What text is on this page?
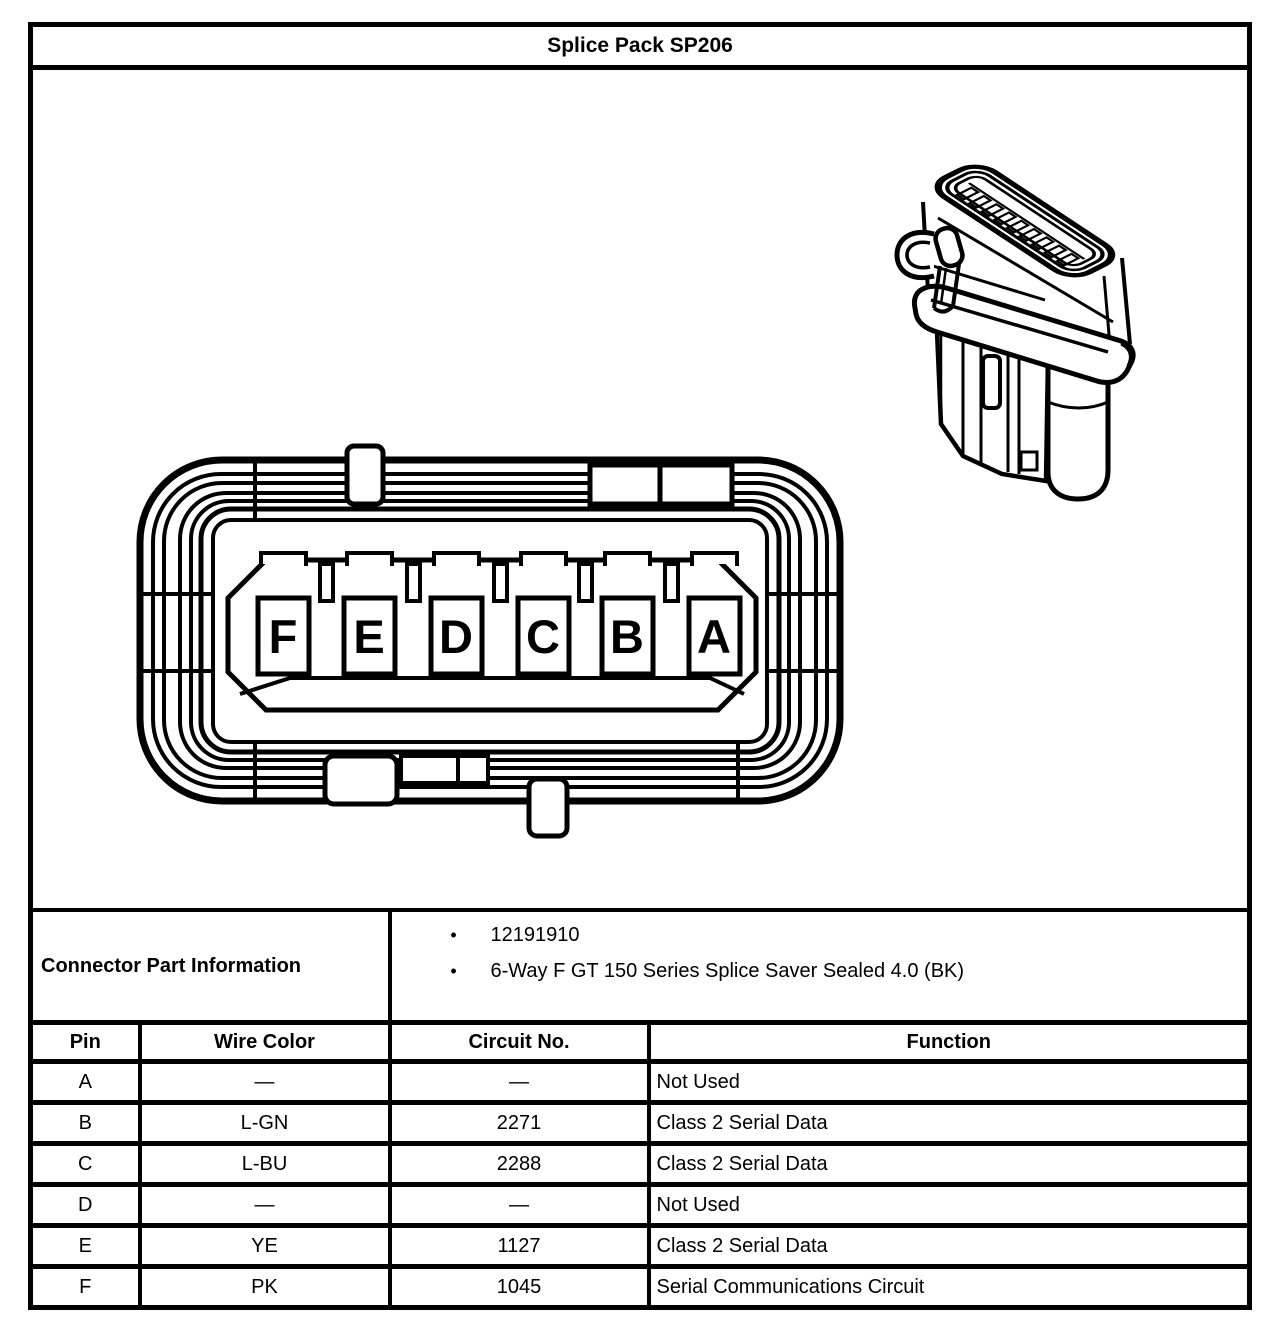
Splice Pack SP206			

F E D C B A

Connector Part Information	
• 12191910
• 6-Way F GT 150 Series Splice Saver Sealed 4.0 (BK)

Pin	Wire Color	Circuit No.	Function
A	—	—	Not Used
B	L-GN	2271	Class 2 Serial Data
C	L-BU	2288	Class 2 Serial Data
D	—	—	Not Used
E	YE	1127	Class 2 Serial Data
F	PK	1045	Serial Communications Circuit
